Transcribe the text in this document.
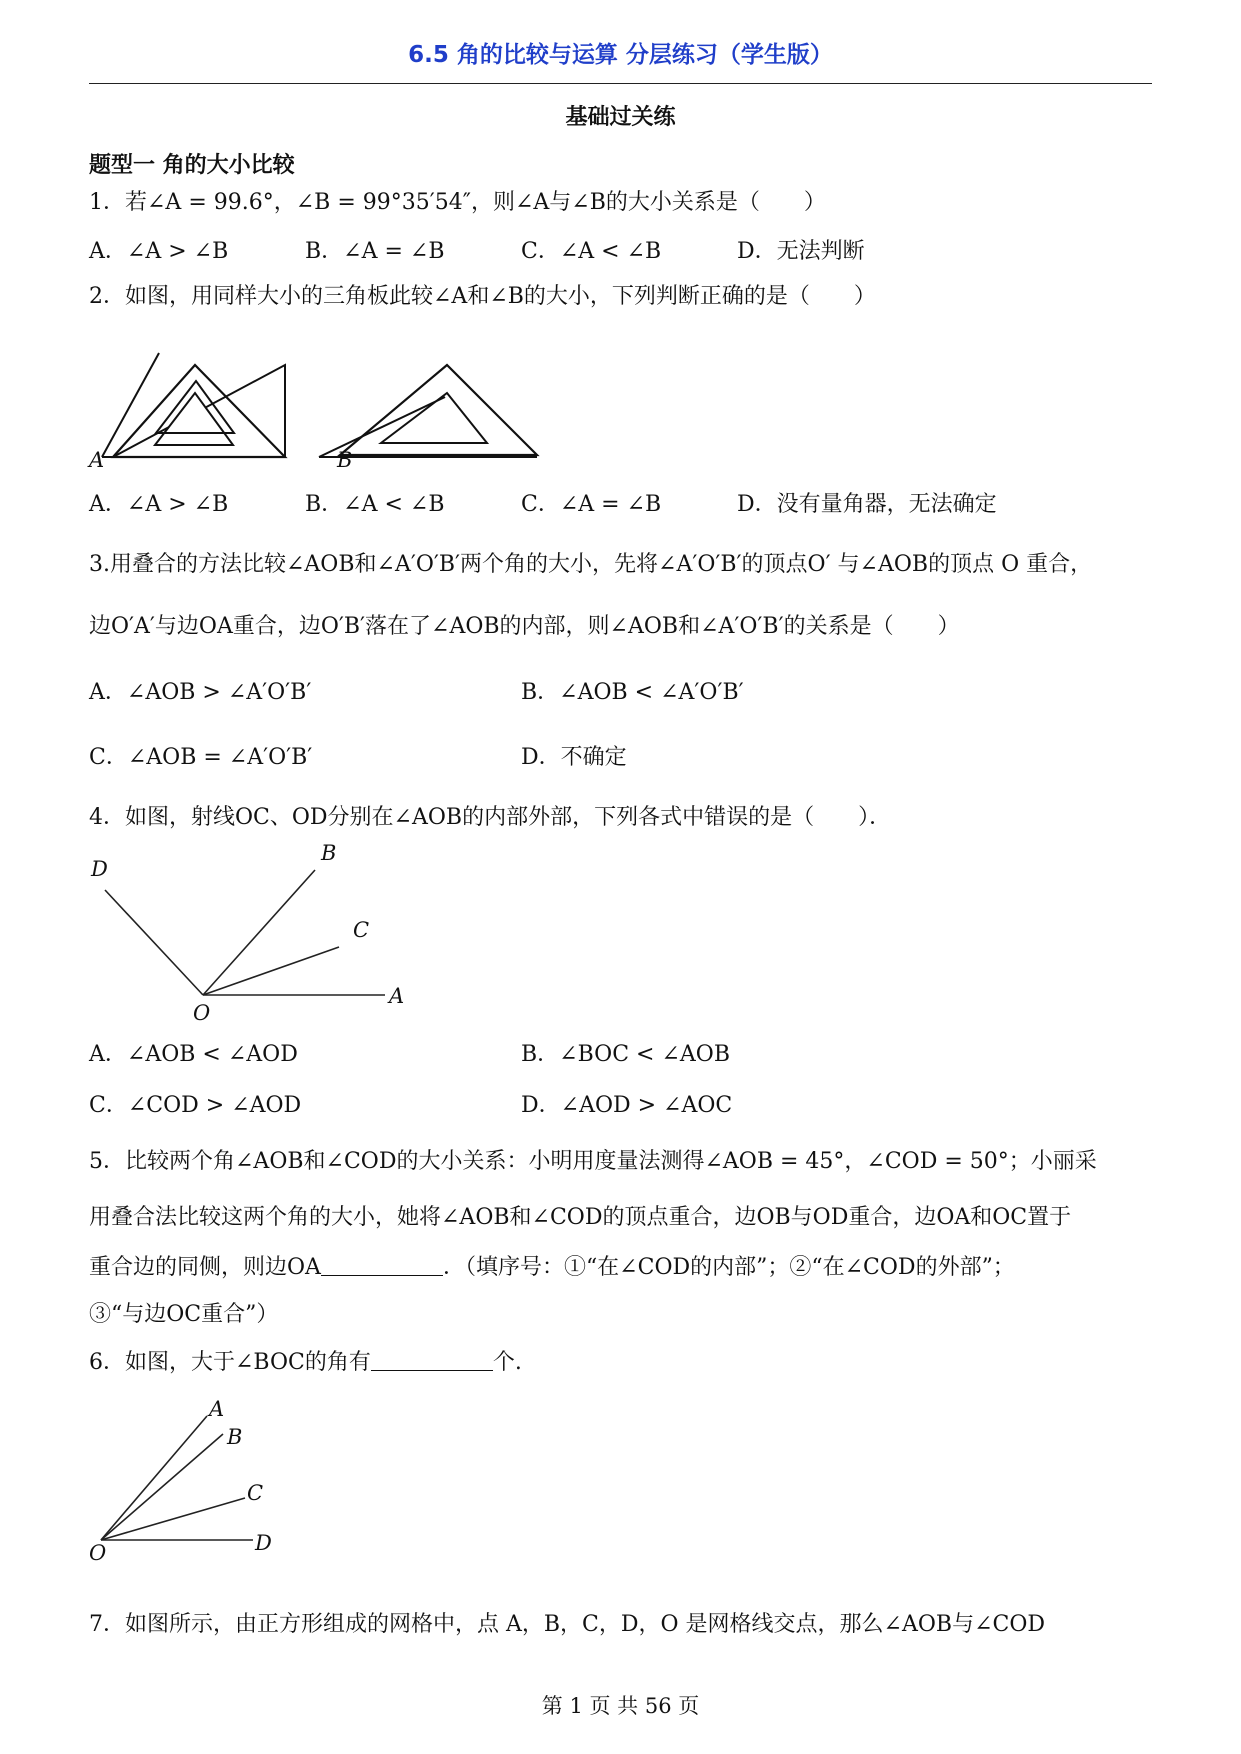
6.5 角的比较与运算 分层练习（学生版）
基础过关练
题型一 角的大小比较
1．若∠A = 99.6°，∠B = 99°35′54″，则∠A与∠B的大小关系是（　　）
A．∠A > ∠B	B．∠A = ∠B	C．∠A < ∠B	D．无法判断
2．如图，用同样大小的三角板此较∠A和∠B的大小，下列判断正确的是（　　）
A	B
A．∠A > ∠B	B．∠A < ∠B	C．∠A = ∠B	D．没有量角器，无法确定
3.用叠合的方法比较∠AOB和∠A′O′B′两个角的大小，先将∠A′O′B′的顶点O′ 与∠AOB的顶点 O 重合，
边O′A′与边OA重合，边O′B′落在了∠AOB的内部，则∠AOB和∠A′O′B′的关系是（　　）
A．∠AOB > ∠A′O′B′	B．∠AOB < ∠A′O′B′
C．∠AOB = ∠A′O′B′	D．不确定
4．如图，射线OC、OD分别在∠AOB的内部外部，下列各式中错误的是（　　）．
D
B
C
A
O
A．∠AOB < ∠AOD	B．∠BOC < ∠AOB
C．∠COD > ∠AOD	D．∠AOD > ∠AOC
5．比较两个角∠AOB和∠COD的大小关系：小明用度量法测得∠AOB = 45°，∠COD = 50°；小丽采
用叠合法比较这两个角的大小，她将∠AOB和∠COD的顶点重合，边OB与OD重合，边OA和OC置于
重合边的同侧，则边OA	．（填序号：①“在∠COD的内部”；②“在∠COD的外部”；
③“与边OC重合”）
6．如图，大于∠BOC的角有	个.
A
B
C
D
O
7．如图所示，由正方形组成的网格中，点 A，B，C，D，O 是网格线交点，那么∠AOB与∠COD
第 1 页 共 56 页
